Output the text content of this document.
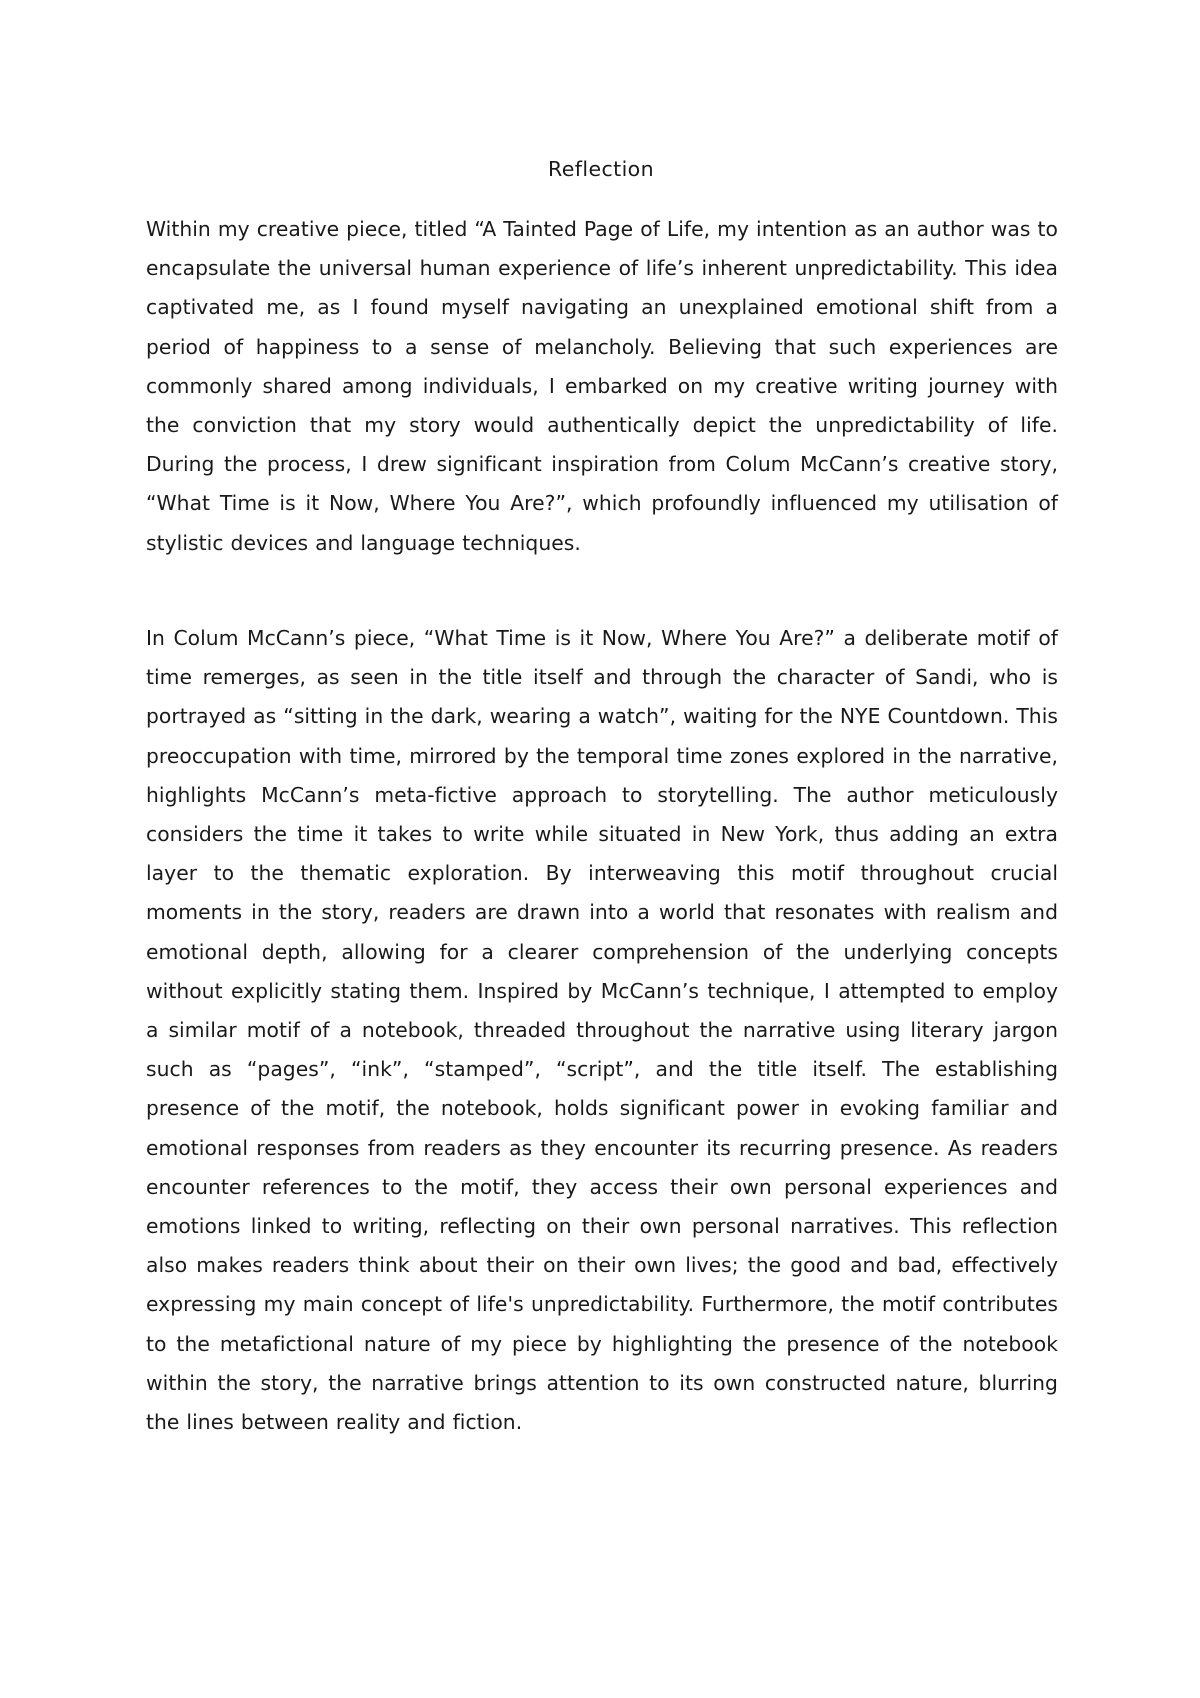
Reflection

Within my creative piece, titled “A Tainted Page of Life, my intention as an author was to encapsulate the universal human experience of life’s inherent unpredictability. This idea captivated me, as I found myself navigating an unexplained emotional shift from a period of happiness to a sense of melancholy. Believing that such experiences are commonly shared among individuals, I embarked on my creative writing journey with the conviction that my story would authentically depict the unpredictability of life. During the process, I drew significant inspiration from Colum McCann’s creative story, “What Time is it Now, Where You Are?”, which profoundly influenced my utilisation of stylistic devices and language techniques.

In Colum McCann’s piece, “What Time is it Now, Where You Are?” a deliberate motif of time remerges, as seen in the title itself and through the character of Sandi, who is portrayed as “sitting in the dark, wearing a watch”, waiting for the NYE Countdown. This preoccupation with time, mirrored by the temporal time zones explored in the narrative, highlights McCann’s meta-fictive approach to storytelling. The author meticulously considers the time it takes to write while situated in New York, thus adding an extra layer to the thematic exploration. By interweaving this motif throughout crucial moments in the story, readers are drawn into a world that resonates with realism and emotional depth, allowing for a clearer comprehension of the underlying concepts without explicitly stating them. Inspired by McCann’s technique, I attempted to employ a similar motif of a notebook, threaded throughout the narrative using literary jargon such as “pages”, “ink”, “stamped”, “script”, and the title itself. The establishing presence of the motif, the notebook, holds significant power in evoking familiar and emotional responses from readers as they encounter its recurring presence. As readers encounter references to the motif, they access their own personal experiences and emotions linked to writing, reflecting on their own personal narratives. This reflection also makes readers think about their on their own lives; the good and bad, effectively expressing my main concept of life's unpredictability. Furthermore, the motif contributes to the metafictional nature of my piece by highlighting the presence of the notebook within the story, the narrative brings attention to its own constructed nature, blurring the lines between reality and fiction.
